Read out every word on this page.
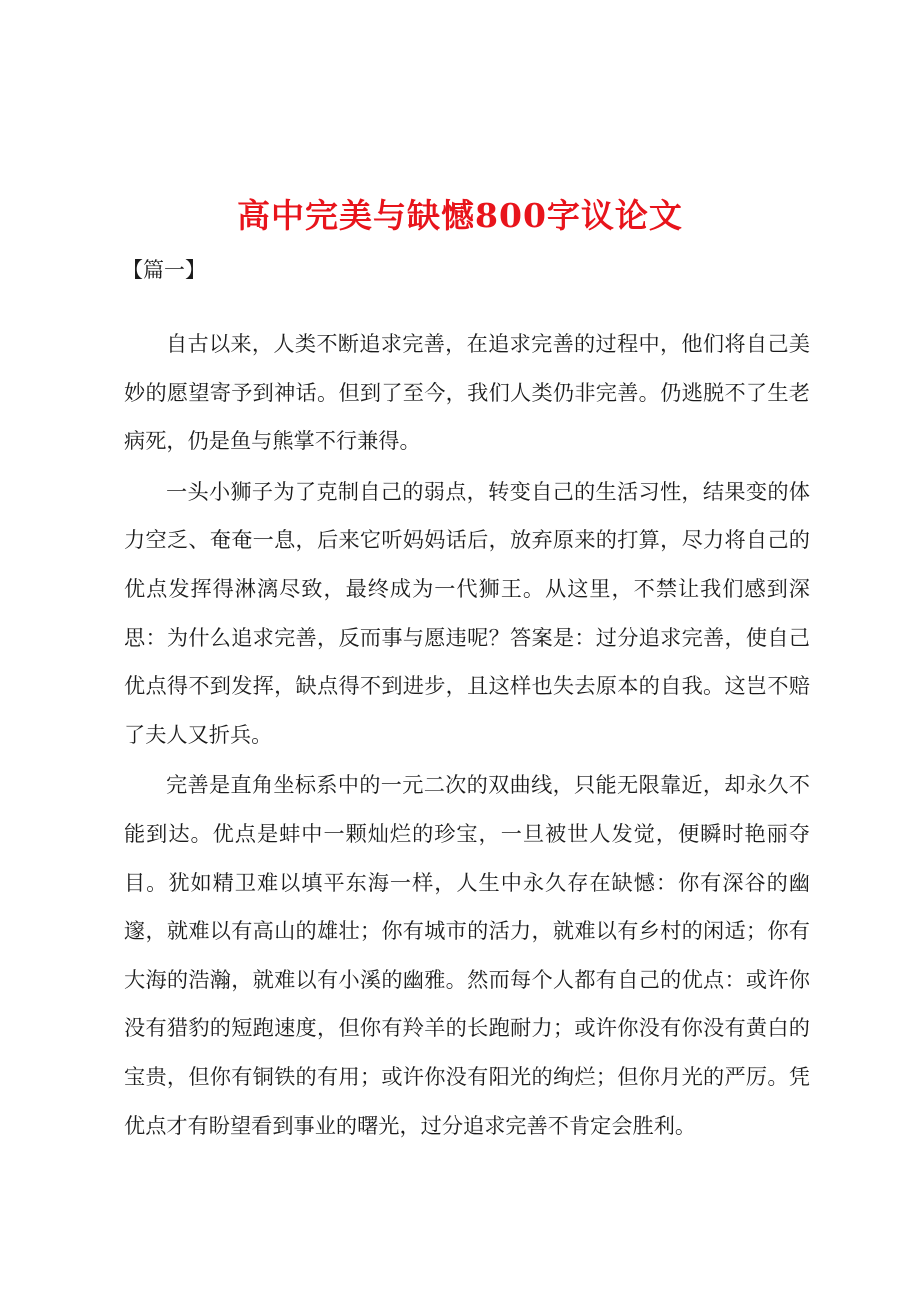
高中完美与缺憾800字议论文

【篇一】

自古以来，人类不断追求完善，在追求完善的过程中，他们将自己美妙的愿望寄予到神话。但到了至今，我们人类仍非完善。仍逃脱不了生老病死，仍是鱼与熊掌不行兼得。

一头小狮子为了克制自己的弱点，转变自己的生活习性，结果变的体力空乏、奄奄一息，后来它听妈妈话后，放弃原来的打算，尽力将自己的优点发挥得淋漓尽致，最终成为一代狮王。从这里，不禁让我们感到深思：为什么追求完善，反而事与愿违呢？答案是：过分追求完善，使自己优点得不到发挥，缺点得不到进步，且这样也失去原本的自我。这岂不赔了夫人又折兵。

完善是直角坐标系中的一元二次的双曲线，只能无限靠近，却永久不能到达。优点是蚌中一颗灿烂的珍宝，一旦被世人发觉，便瞬时艳丽夺目。犹如精卫难以填平东海一样，人生中永久存在缺憾：你有深谷的幽邃，就难以有高山的雄壮；你有城市的活力，就难以有乡村的闲适；你有大海的浩瀚，就难以有小溪的幽雅。然而每个人都有自己的优点：或许你没有猎豹的短跑速度，但你有羚羊的长跑耐力；或许你没有你没有黄白的宝贵，但你有铜铁的有用；或许你没有阳光的绚烂；但你月光的严厉。凭优点才有盼望看到事业的曙光，过分追求完善不肯定会胜利。
